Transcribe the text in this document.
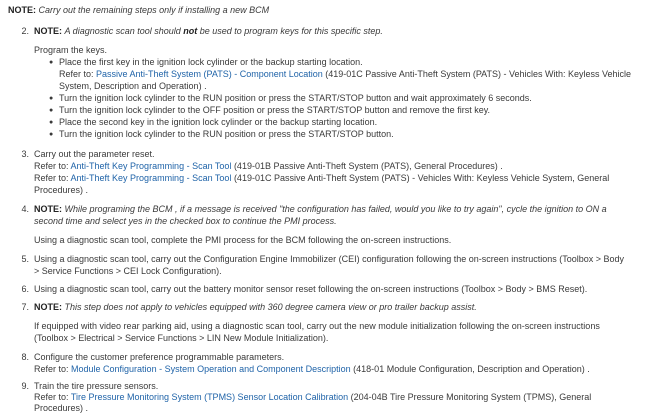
NOTE: Carry out the remaining steps only if installing a new BCM
2. NOTE: A diagnostic scan tool should not be used to program keys for this specific step.
Program the keys.
● Place the first key in the ignition lock cylinder or the backup starting location.
Refer to: Passive Anti-Theft System (PATS) - Component Location (419-01C Passive Anti-Theft System (PATS) - Vehicles With: Keyless Vehicle
System, Description and Operation) .
● Turn the ignition lock cylinder to the RUN position or press the START/STOP button and wait approximately 6 seconds.
● Turn the ignition lock cylinder to the OFF position or press the START/STOP button and remove the first key.
● Place the second key in the ignition lock cylinder or the backup starting location.
● Turn the ignition lock cylinder to the RUN position or press the START/STOP button.
3. Carry out the parameter reset.
Refer to: Anti-Theft Key Programming - Scan Tool (419-01B Passive Anti-Theft System (PATS), General Procedures) .
Refer to: Anti-Theft Key Programming - Scan Tool (419-01C Passive Anti-Theft System (PATS) - Vehicles With: Keyless Vehicle System, General
Procedures) .
4. NOTE: While programing the BCM , if a message is received "the configuration has failed, would you like to try again", cycle the ignition to ON a
second time and select yes in the checked box to continue the PMI process.
Using a diagnostic scan tool, complete the PMI process for the BCM following the on-screen instructions.
5. Using a diagnostic scan tool, carry out the Configuration Engine Immobilizer (CEI) configuration following the on-screen instructions (Toolbox > Body
> Service Functions > CEI Lock Configuration).
6. Using a diagnostic scan tool, carry out the battery monitor sensor reset following the on-screen instructions (Toolbox > Body > BMS Reset).
7. NOTE: This step does not apply to vehicles equipped with 360 degree camera view or pro trailer backup assist.
If equipped with video rear parking aid, using a diagnostic scan tool, carry out the new module initialization following the on-screen instructions
(Toolbox > Electrical > Service Functions > LIN New Module Initialization).
8. Configure the customer preference programmable parameters.
Refer to: Module Configuration - System Operation and Component Description (418-01 Module Configuration, Description and Operation) .
9. Train the tire pressure sensors.
Refer to: Tire Pressure Monitoring System (TPMS) Sensor Location Calibration (204-04B Tire Pressure Monitoring System (TPMS), General
Procedures) .
